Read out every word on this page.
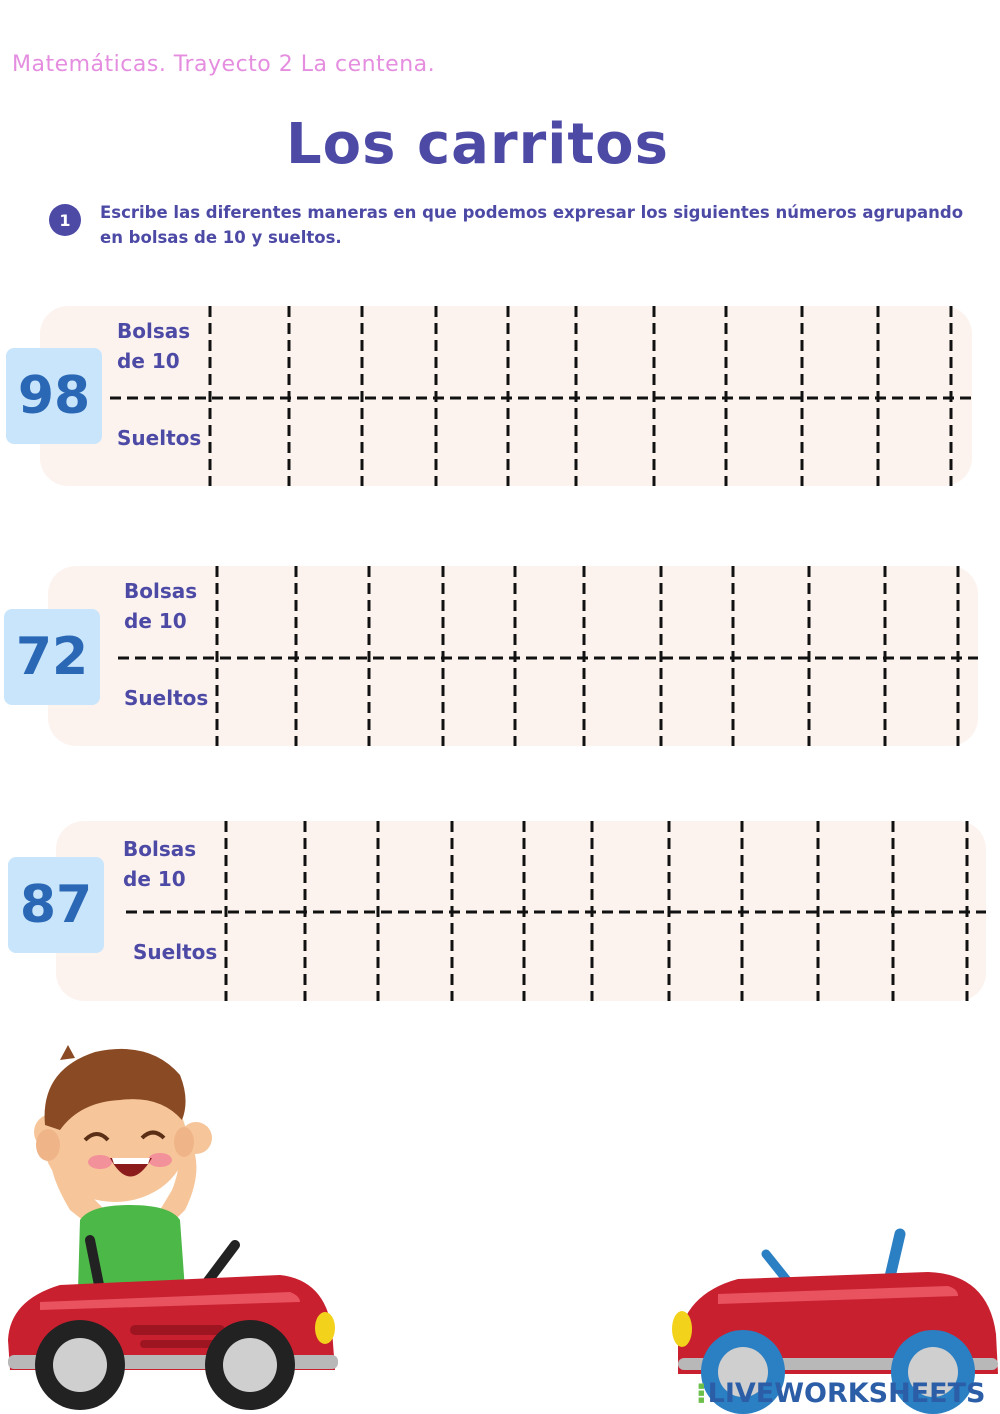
Matemáticas. Trayecto 2 La centena.
Los carritos
1	Escribe las diferentes maneras en que podemos expresar los siguientes números agrupando en bolsas de 10 y sueltos.
Bolsas
de 10
Sueltos
98
Bolsas
de 10
Sueltos
72
Bolsas
de 10
Sueltos
87
■
■
■ LIVEWORKSHEETS
